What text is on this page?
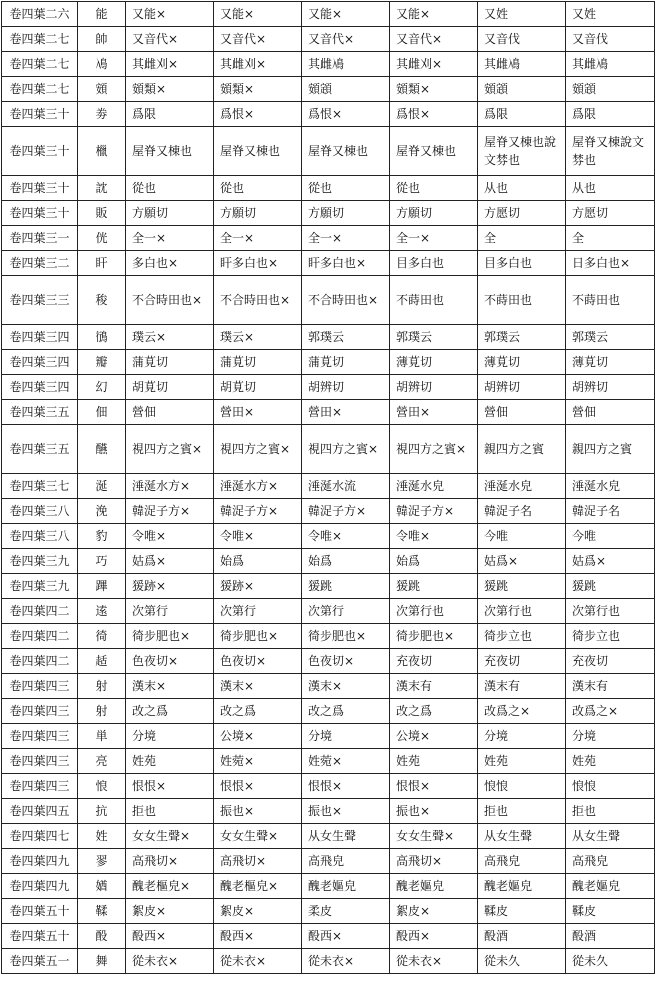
卷四葉二六	能	又能×	又能×	又能×	又能×	又姓	又姓
卷四葉二七	帥	又音代×	又音代×	又音代×	又音代×	又音伐	又音伐
卷四葉二七	鳰	其雌刈×	其雌刈×	其雌鳰	其雌刈×	其雌鳰	其雌鳰
卷四葉二七	頞	頞類×	頞類×	頞顁	頞類×	頞顁	頞顁
卷四葉三十	劵	爲限	爲恨×	爲恨×	爲恨×	爲限	爲限
卷四葉三十	㯿	屋脊又棟也	屋脊又棟也	屋脊又棟也	屋脊又棟也	屋脊又棟也說文棼也	屋脊又棟說文棼也
卷四葉三十	訦	從也	從也	從也	從也	从也	从也
卷四葉三十	販	方願切	方願切	方願切	方願切	方愿切	方愿切
卷四葉三一	侊	全一×	全一×	全一×	全一×	全	全
卷四葉三二	盰	多白也×	盰多白也×	盰多白也×	目多白也	目多白也	日多白也×
卷四葉三三	稄	不合時田也×	不合時田也×	不合時田也×	不蒔田也	不蒔田也	不蒔田也
卷四葉三四	鴴	璞云×	璞云×	郭璞云	郭璞云	郭璞云	郭璞云
卷四葉三四	瓣	蒲莧切	蒲莧切	蒲莧切	薄莧切	薄莧切	薄莧切
卷四葉三四	幻	胡莧切	胡莧切	胡辨切	胡辨切	胡辨切	胡辨切
卷四葉三五	佃	營佃	營田×	營田×	營田×	營佃	營佃
卷四葉三五	醼	視四方之賓×	視四方之賓×	視四方之賓×	視四方之賓×	親四方之賓	親四方之賓
卷四葉三七	涎	涶涎水方×	涶涎水方×	涶涎水流	涶涎水皃	涶涎水皃	涶涎水皃
卷四葉三八	浼	韓浞子方×	韓浞子方×	韓浞子方×	韓浞子方×	韓浞子名	韓浞子名
卷四葉三八	豹	令唯×	令唯×	令唯×	令唯×	今唯	今唯
卷四葉三九	巧	姑爲×	始爲	始爲	始爲	姑爲×	姑爲×
卷四葉三九	蹕	猨跡×	猨跡×	猨跳	猨跳	猨跳	猨跳
卷四葉四二	逺	次第行	次第行	次第行	次第行也	次第行也	次第行也
卷四葉四二	徛	徛步肥也×	徛步肥也×	徛步肥也×	徛步肥也×	徛步立也	徛步立也
卷四葉四二	趏	色夜切×	色夜切×	色夜切×	充夜切	充夜切	充夜切
卷四葉四三	射	漢末×	漢末×	漢末×	漢末有	漢末有	漢末有
卷四葉四三	射	改之爲	改之爲	改之爲	改之爲	改爲之×	改爲之×
卷四葉四三	単	分境	公境×	分境	公境×	分境	分境
卷四葉四三	亮	姓苑	姓菀×	姓菀×	姓苑	姓苑	姓苑
卷四葉四三	悢	恨恨×	恨恨×	恨恨×	恨恨×	悢悢	悢悢
卷四葉四五	抗	拒也	振也×	振也×	振也×	拒也	拒也
卷四葉四七	姓	女女生聲×	女女生聲×	从女生聲	女女生聲×	从女生聲	从女生聲
卷四葉四九	翏	高飛切×	高飛切×	高飛皃	高飛切×	高飛皃	高飛皃
卷四葉四九	媨	醜老樞皃×	醜老樞皃×	醜老嫗皃	醜老嫗皃	醜老嫗皃	醜老嫗皃
卷四葉五十	鞣	絮皮×	絮皮×	柔皮	絮皮×	鞣皮	鞣皮
卷四葉五十	酘	酘西×	酘西×	酘西×	酘西×	酘酒	酘酒
卷四葉五一	舞	從未衣×	從未衣×	從未衣×	從未衣×	從未久	從未久
